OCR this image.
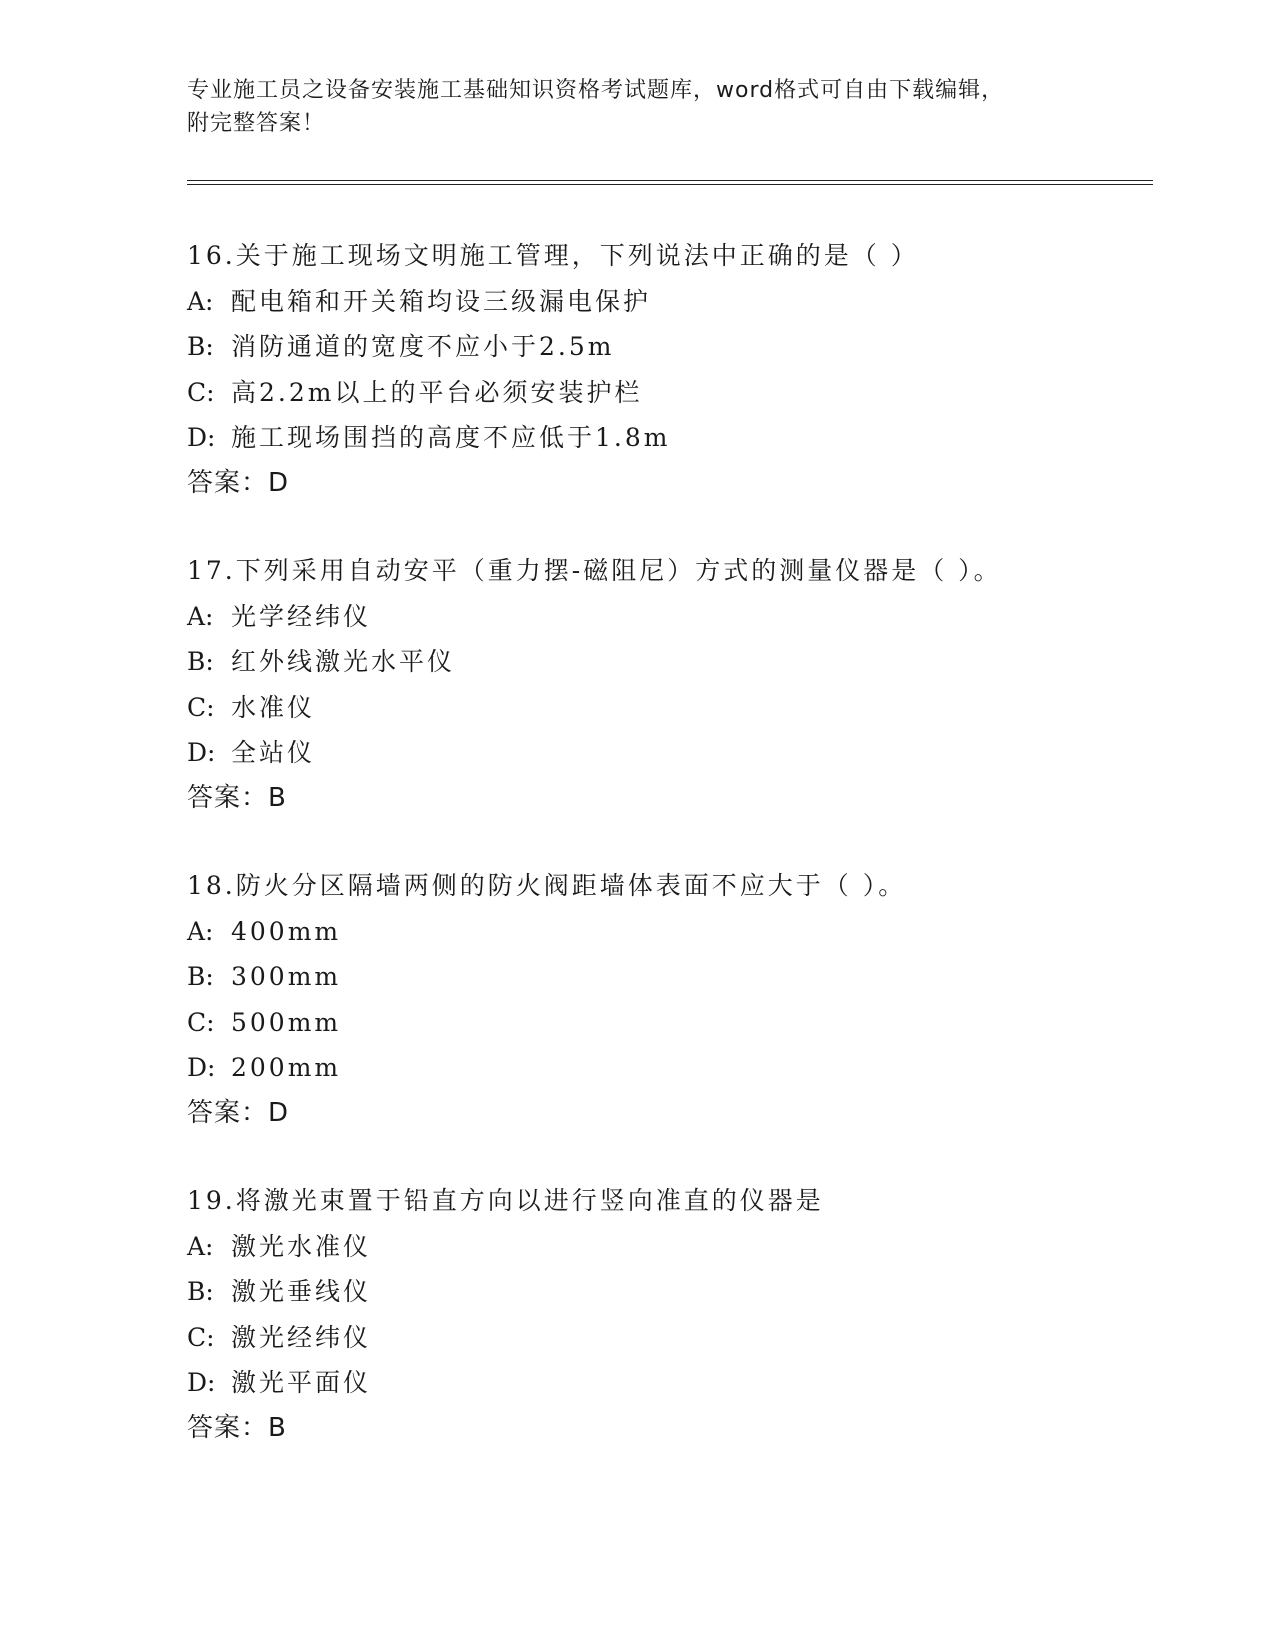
专业施工员之设备安装施工基础知识资格考试题库，word格式可自由下载编辑，
附完整答案！
16.关于施工现场文明施工管理，下列说法中正确的是（ ）
A: 配电箱和开关箱均设三级漏电保护
B: 消防通道的宽度不应小于2.5m
C: 高2.2m以上的平台必须安装护栏
D: 施工现场围挡的高度不应低于1.8m
答案：D
17.下列采用自动安平（重力摆-磁阻尼）方式的测量仪器是（ ）。
A: 光学经纬仪
B: 红外线激光水平仪
C: 水准仪
D: 全站仪
答案：B
18.防火分区隔墙两侧的防火阀距墙体表面不应大于（ ）。
A: 400mm
B: 300mm
C: 500mm
D: 200mm
答案：D
19.将激光束置于铅直方向以进行竖向准直的仪器是
A: 激光水准仪
B: 激光垂线仪
C: 激光经纬仪
D: 激光平面仪
答案：B
